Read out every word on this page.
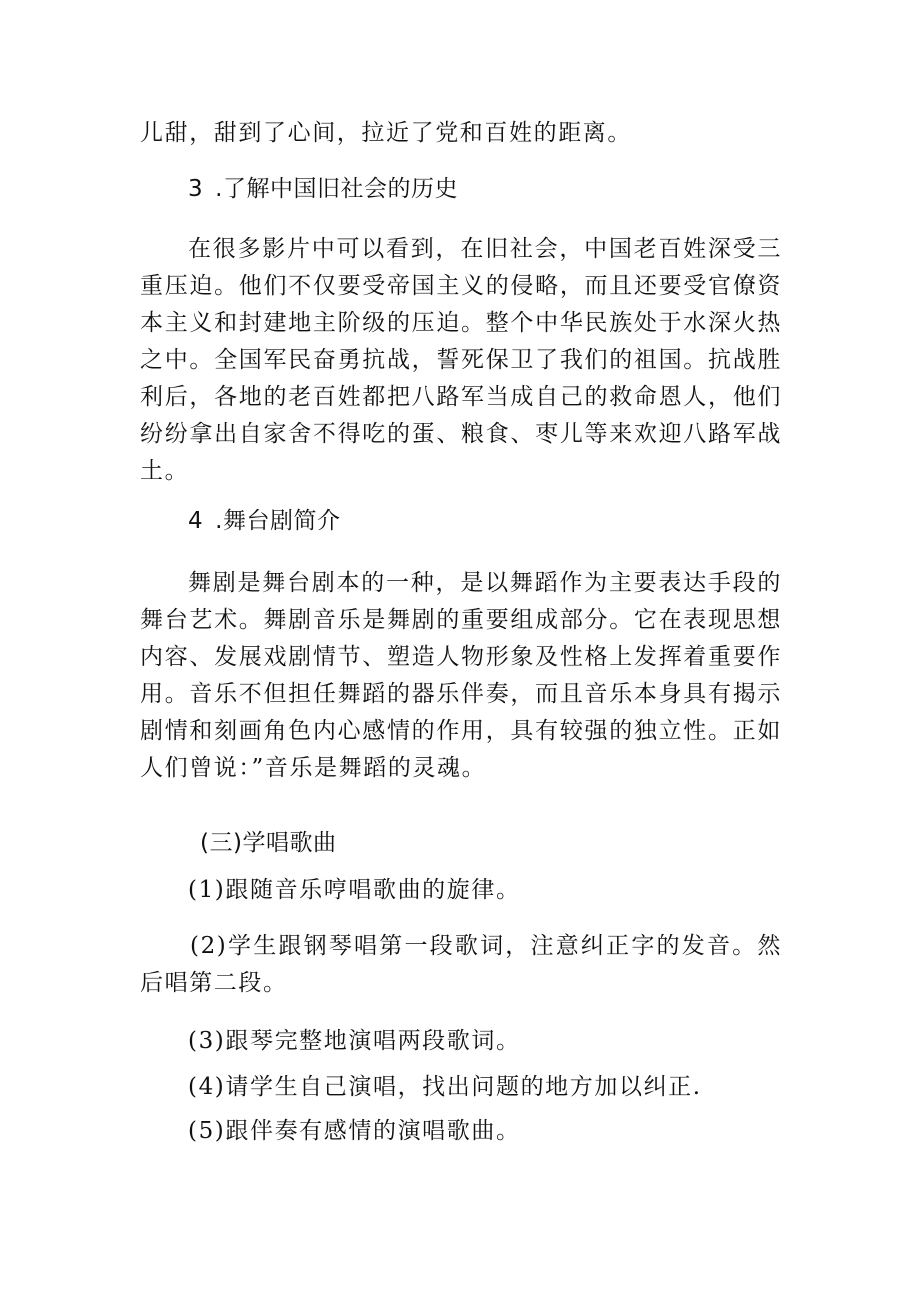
儿甜，甜到了心间，拉近了党和百姓的距离。

3 .了解中国旧社会的历史

在很多影片中可以看到，在旧社会，中国老百姓深受三重压迫。他们不仅要受帝国主义的侵略，而且还要受官僚资本主义和封建地主阶级的压迫。整个中华民族处于水深火热之中。全国军民奋勇抗战，誓死保卫了我们的祖国。抗战胜利后，各地的老百姓都把八路军当成自己的救命恩人，他们纷纷拿出自家舍不得吃的蛋、粮食、枣儿等来欢迎八路军战土。

4 .舞台剧简介

舞剧是舞台剧本的一种，是以舞蹈作为主要表达手段的舞台艺术。舞剧音乐是舞剧的重要组成部分。它在表现思想内容、发展戏剧情节、塑造人物形象及性格上发挥着重要作用。音乐不但担任舞蹈的器乐伴奏，而且音乐本身具有揭示剧情和刻画角色内心感情的作用，具有较强的独立性。正如人们曾说：”音乐是舞蹈的灵魂。

(三)学唱歌曲

(1)跟随音乐哼唱歌曲的旋律。

(2)学生跟钢琴唱第一段歌词，注意纠正字的发音。然后唱第二段。

(3)跟琴完整地演唱两段歌词。

(4)请学生自己演唱，找出问题的地方加以纠正.

(5)跟伴奏有感情的演唱歌曲。
